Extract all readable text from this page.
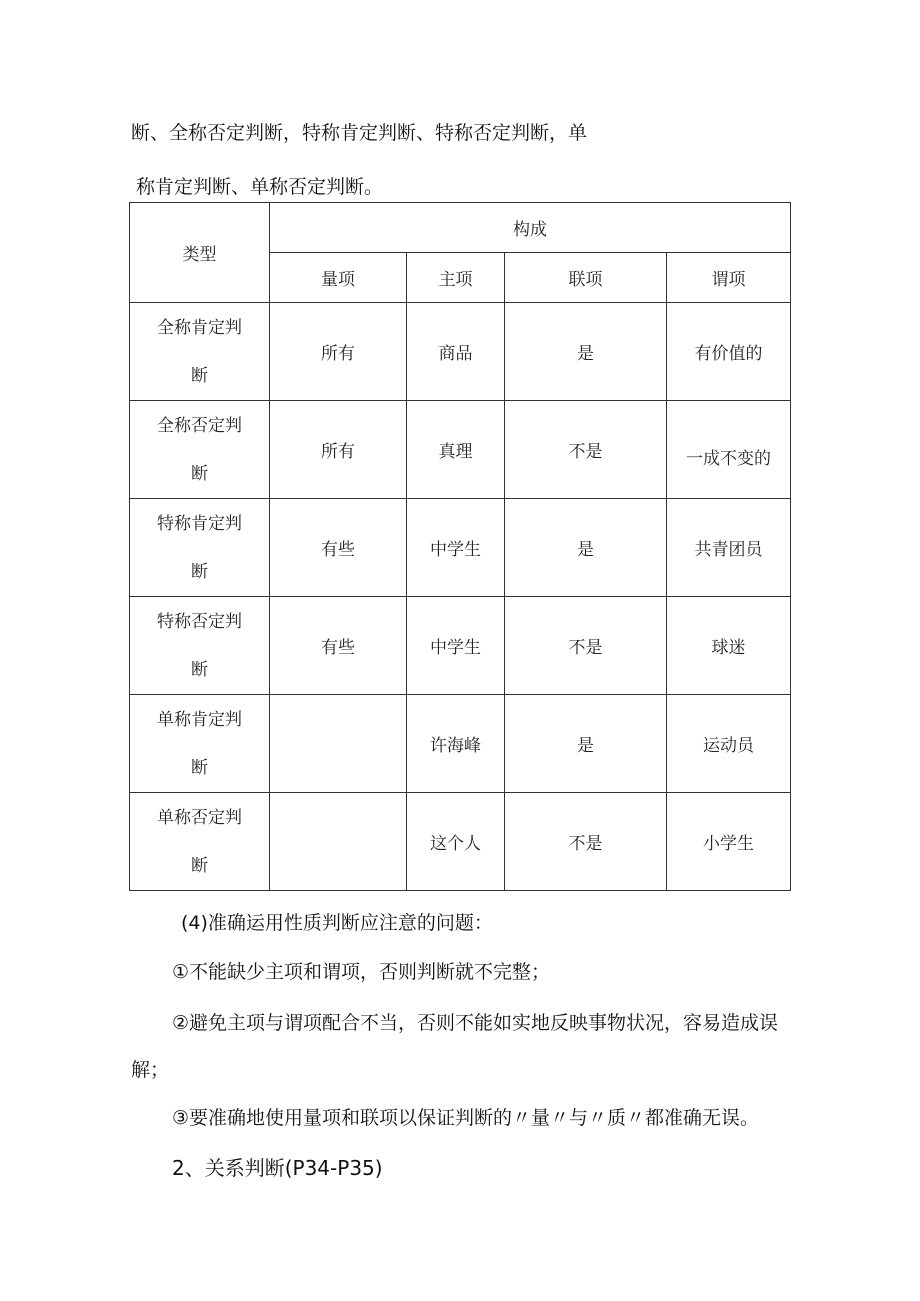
断、全称否定判断，特称肯定判断、特称否定判断，单
称肯定判断、单称否定判断。
类型	构成			
	量项	主项	联项	谓项

全称肯定判
断	所有	商品	是	有价值的

全称否定判
断	所有	真理	不是	一成不变的

特称肯定判
断	有些	中学生	是	共青团员

特称否定判
断	有些	中学生	不是	球迷

单称肯定判
断		许海峰	是	运动员

单称否定判
断		这个人	不是	小学生
(4)准确运用性质判断应注意的问题：
①不能缺少主项和谓项，否则判断就不完整；
②避免主项与谓项配合不当，否则不能如实地反映事物状况，容易造成误
解；
③要准确地使用量项和联项以保证判断的〃量〃与〃质〃都准确无误。
2、关系判断(P34-P35)
